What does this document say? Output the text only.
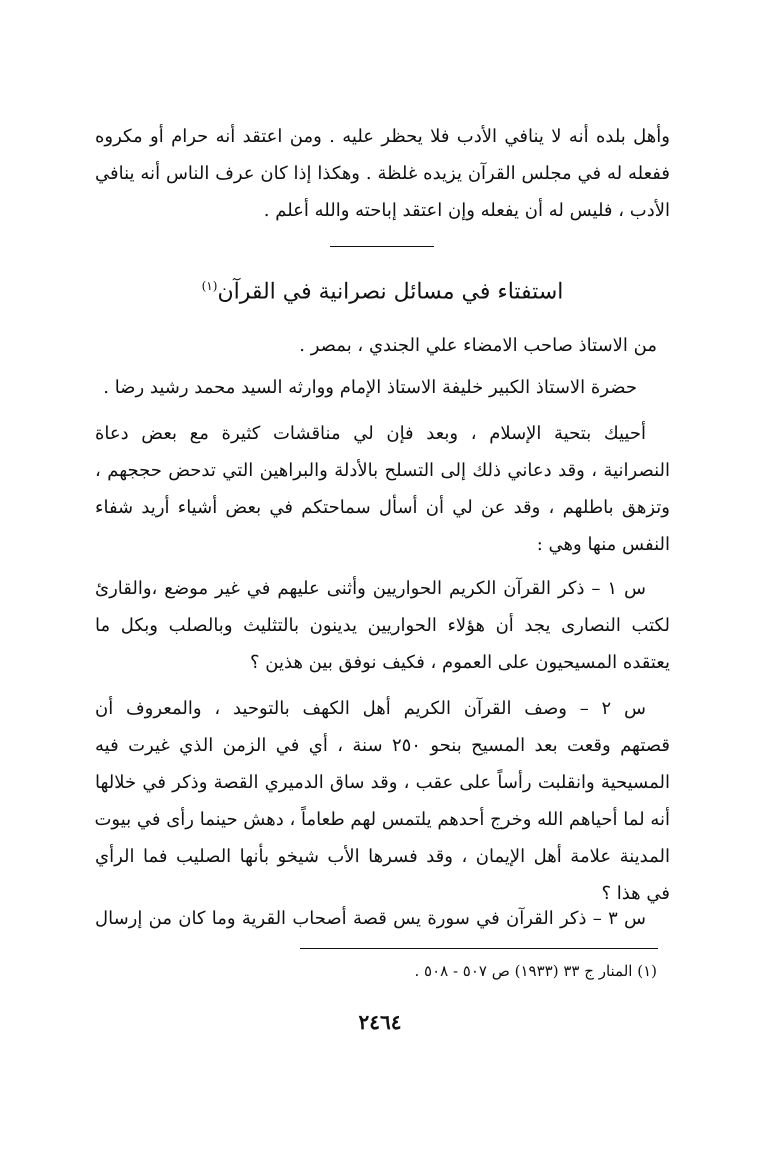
وأهل بلده أنه لا ينافي الأدب فلا يحظر عليه . ومن اعتقد أنه حرام أو مكروه
ففعله له في مجلس القرآن يزيده غلظة . وهكذا إذا كان عرف الناس أنه ينافي
الأدب ، فليس له أن يفعله وإن اعتقد إباحته والله أعلم .

استفتاء في مسائل نصرانية في القرآن$^{(١)}$
من الاستاذ صاحب الامضاء علي الجندي ، بمصر .
حضرة الاستاذ الكبير خليفة الاستاذ الإمام ووارثه السيد محمد رشيد رضا .

أحييك بتحية الإسلام ، وبعد فإن لي مناقشات كثيرة مع بعض دعاة
النصرانية ، وقد دعاني ذلك إلى التسلح بالأدلة والبراهين التي تدحض حججهم ،
وتزهق باطلهم ، وقد عن لي أن أسأل سماحتكم في بعض أشياء أريد شفاء
النفس منها وهي :

س ١ – ذكر القرآن الكريم الحواريين وأثنى عليهم في غير موضع ،والقارئ
لكتب النصارى يجد أن هؤلاء الحواريين يدينون بالتثليث وبالصلب وبكل ما
يعتقده المسيحيون على العموم ، فكيف نوفق بين هذين ؟

س ٢ – وصف القرآن الكريم أهل الكهف بالتوحيد ، والمعروف أن
قصتهم وقعت بعد المسيح بنحو ٢٥٠ سنة ، أي في الزمن الذي غيرت فيه
المسيحية وانقلبت رأساً على عقب ، وقد ساق الدميري القصة وذكر في خلالها
أنه لما أحياهم الله وخرج أحدهم يلتمس لهم طعاماً ، دهش حينما رأى في بيوت
المدينة علامة أهل الإيمان ، وقد فسرها الأب شيخو بأنها الصليب فما الرأي
في هذا ؟

س ٣ – ذكر القرآن في سورة يس قصة أصحاب القرية وما كان من إرسال

(١) المنار ج ٣٣ (١٩٣٣) ص ٥٠٧ - ٥٠٨ .
٢٤٦٤
